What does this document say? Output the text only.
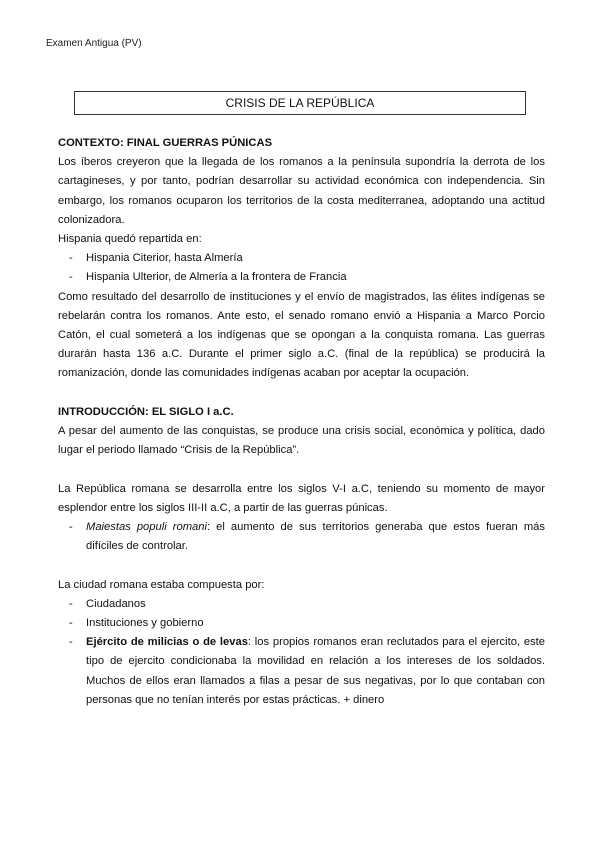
Examen Antigua (PV)
CRISIS DE LA REPÚBLICA
CONTEXTO: FINAL GUERRAS PÚNICAS

Los íberos creyeron que la llegada de los romanos a la península supondría la derrota de los cartagineses, y por tanto, podrían desarrollar su actividad económica con independencia. Sin embargo, los romanos ocuparon los territorios de la costa mediterranea, adoptando una actitud colonizadora.

Hispania quedó repartida en:

- Hispania Citerior, hasta Almería
- Hispania Ulterior, de Almería a la frontera de Francia

Como resultado del desarrollo de instituciones y el envío de magistrados, las élites indígenas se rebelarán contra los romanos. Ante esto, el senado romano envió a Hispania a Marco Porcio Catón, el cual someterá a los indígenas que se opongan a la conquista romana. Las guerras durarán hasta 136 a.C. Durante el primer siglo a.C. (final de la república) se producirá la romanización, donde las comunidades indígenas acaban por aceptar la ocupación.

INTRODUCCIÓN: EL SIGLO I a.C.

A pesar del aumento de las conquistas, se produce una crisis social, económica y política, dado lugar el periodo llamado “Crisis de la República”.

La República romana se desarrolla entre los siglos V-I a.C, teniendo su momento de mayor esplendor entre los siglos III-II a.C, a partir de las guerras púnicas.

- Maiestas populi romani: el aumento de sus territorios generaba que estos fueran más difíciles de controlar.

La ciudad romana estaba compuesta por:

- Ciudadanos
- Instituciones y gobierno
- Ejército de milicias o de levas: los propios romanos eran reclutados para el ejercito, este tipo de ejercito condicionaba la movilidad en relación a los intereses de los soldados. Muchos de ellos eran llamados a filas a pesar de sus negativas, por lo que contaban con personas que no tenían interés por estas prácticas. + dinero
